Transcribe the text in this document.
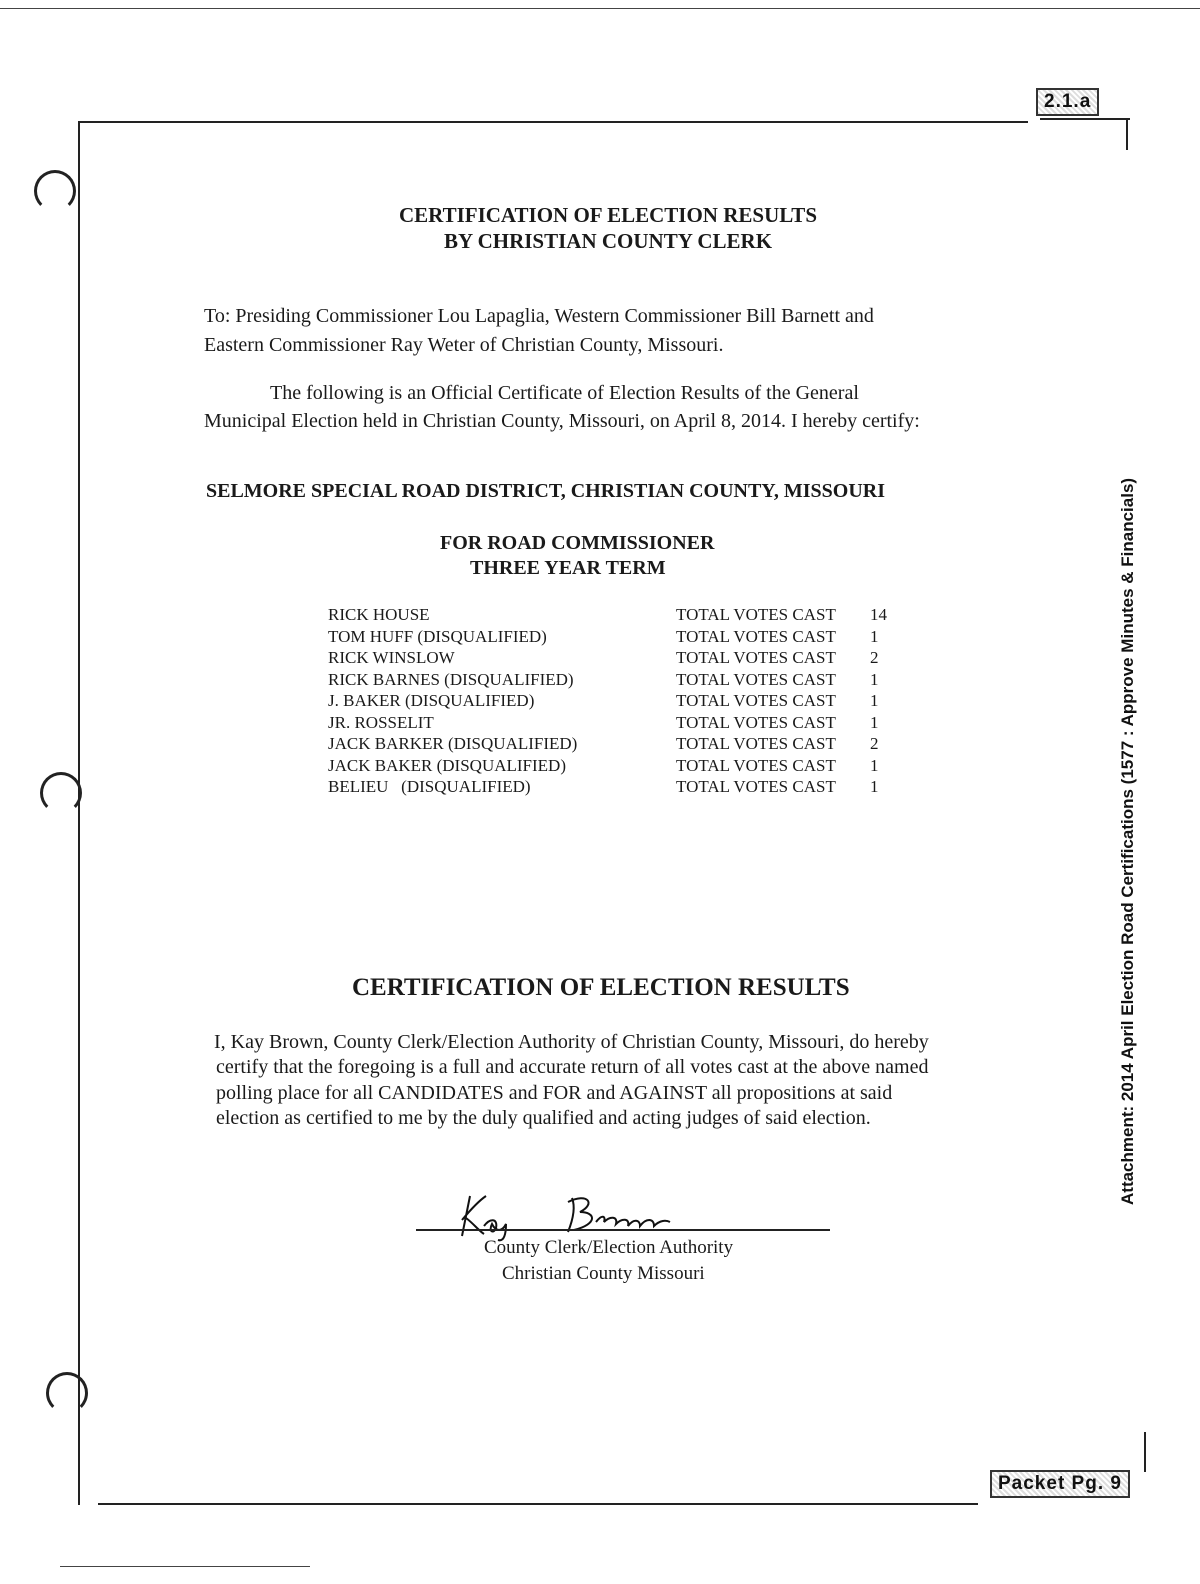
2.1.a
Packet Pg. 9
Attachment: 2014 April Election Road Certifications (1577 : Approve Minutes & Financials)
CERTIFICATION OF ELECTION RESULTS
BY CHRISTIAN COUNTY CLERK
To: Presiding Commissioner Lou Lapaglia, Western Commissioner Bill Barnett and
Eastern Commissioner Ray Weter of Christian County, Missouri.
The following is an Official Certificate of Election Results of the General
Municipal Election held in Christian County, Missouri, on April 8, 2014. I hereby certify:
SELMORE SPECIAL ROAD DISTRICT, CHRISTIAN COUNTY, MISSOURI
FOR ROAD COMMISSIONER
THREE YEAR TERM
RICK HOUSE	TOTAL VOTES CAST	14
TOM HUFF (DISQUALIFIED)	TOTAL VOTES CAST	1
RICK WINSLOW	TOTAL VOTES CAST	2
RICK BARNES (DISQUALIFIED)	TOTAL VOTES CAST	1
J. BAKER (DISQUALIFIED)	TOTAL VOTES CAST	1
JR. ROSSELIT	TOTAL VOTES CAST	1
JACK BARKER (DISQUALIFIED)	TOTAL VOTES CAST	2
JACK BAKER (DISQUALIFIED)	TOTAL VOTES CAST	1
BELIEU   (DISQUALIFIED)	TOTAL VOTES CAST	1
CERTIFICATION OF ELECTION RESULTS
I, Kay Brown, County Clerk/Election Authority of Christian County, Missouri, do hereby
certify that the foregoing is a full and accurate return of all votes cast at the above named
polling place for all CANDIDATES and FOR and AGAINST all propositions at said
election as certified to me by the duly qualified and acting judges of said election.
County Clerk/Election Authority
Christian County Missouri
